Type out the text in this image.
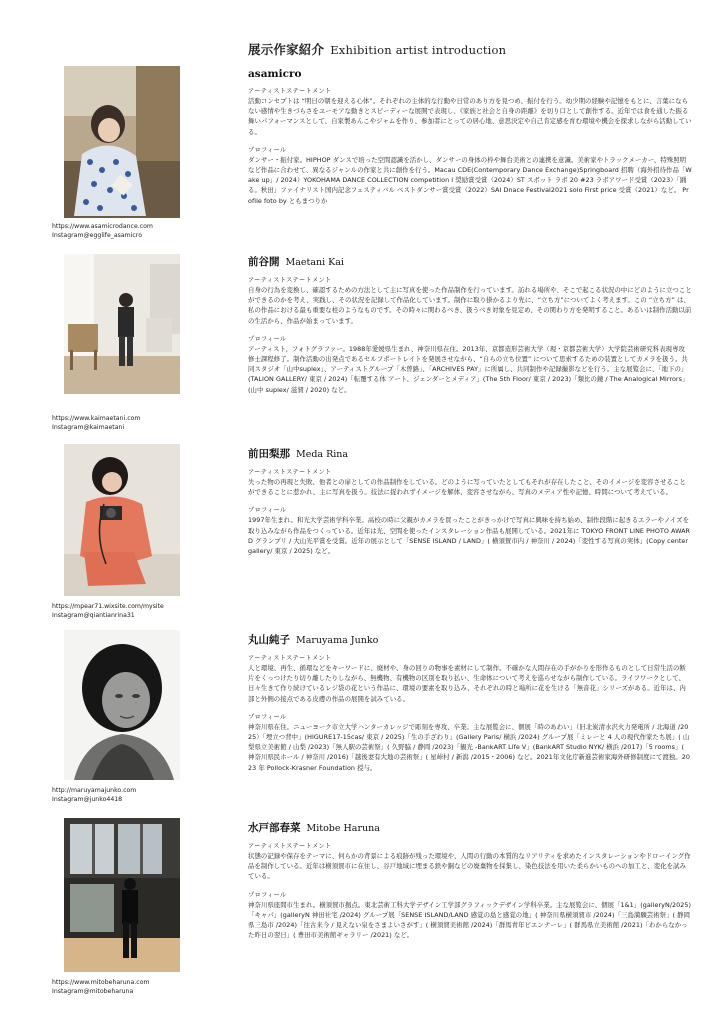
展示作家紹介 Exhibition artist introduction
https://www.asamicrodance.com
Instagram@egglife_asamicro
asamicro
アーティストステートメント
活動コンセプトは “明日の朝を迎える心体”。それぞれの主体的な行動や日常のあり方を見つめ、振付を行う。幼少期の経験や記憶をもとに、言葉にならない感情や生きづらさをユーモアな動きとスピーディーな展開で表現し、《家族と社会と自身の距離》を切り口として創作する。近年では食を通した振る舞いパフォーマンスとして、自家製あんこやジャムを作り、参加者にとっての居心地、意思決定や自己肯定感を育む環境や機会を探求しながら活動している。
プロフィール
ダンサー・振付家。HIPHOP ダンスで培った空間認識を活かし、ダンサーの身体の枠や舞台美術との連携を意識。美術家やトラックメーカー、特殊照明など作品に合わせて、異なるジャンルの作家と共に創作を行う。Macau CDE(Contemporary Dance Exchange)Springboard 招聘（海外招待作品「Wake up」/ 2024）YOKOHAMA DANCE COLLECTION competition Ⅰ 奨励賞受賞（2024）ST スポット ラボ 20 #23 ラボアワード受賞（2023）「踊る。秋田」ファイナリスト国内記念フェスティバル ベストダンサー賞受賞（2022）SAI Dnace Festival2021 solo First price 受賞（2021）など。 Profile foto by ともまつりか
https://www.kaimaetani.com
Instagram@kaimaetani
前谷開 Maetani Kai
アーティストステートメント
自身の行為を変換し、確認するための方法として主に写真を使った作品制作を行っています。訪れる場所や、そこで起こる状況の中にどのように立つことができるのかを考え、実践し、その状況を記録して作品化しています。制作に取り掛かるより先に、“立ち方”についてよく考えます。この “立ち方” は、私の作品における最も重要な柱のようなものです。その時々に関わるべき、扱うべき対象を見定め、その関わり方を発明すること。あるいは制作活動以前の生活から、作品が始まっています。
プロフィール
アーティスト、フォトグラファー。1988年愛媛県生まれ、神奈川県在住。2013年、京都造形芸術大学（現・京都芸術大学）大学院芸術研究科表現専攻 修士課程修了。制作活動の出発点であるセルフポートレイトを発展させながら、“自らの立ち位置” について思索するための装置としてカメラを扱う。共同スタジオ「山中suplex」、アーティストグループ「木曽路」、「ARCHIVES PAY」に所属し、共同制作や記録撮影などを行う。主な展覧会に、「地下の」(TALION GALLERY/ 東京 / 2024)「転覆する体 アート、ジェンダーとメディア」(The 5th Floor/ 東京 / 2023)「類比の鏡 / The Analogical Mirrors」(山中 suplex/ 滋賀 / 2020) など。
https://mpear71.wixsite.com/mysite
Instagram@qiantianrina31
前田梨那 Meda Rina
アーティストステートメント
失った物の再現と失敗、他者との扉としての作品制作をしている。どのように写っていたとしてもそれが存在したこと、そのイメージを変容させることができることに惹かれ、主に写真を扱う。技法に捉われずイメージを解体、変容させながら、写真のメディア性や記憶、時間について考えている。
プロフィール
1997年生まれ。和光大学芸術学科卒業。高校の時に父親がカメラを買ったことがきっかけで写真に興味を持ち始め、制作段階に起きるエラーやノイズを取り込みながら作品をつくっている。近年は光、空間を使ったインスタレーション作品も展開している。2021年に TOKYO FRONT LINE PHOTO AWARD グランプリ / 大山光平賞を受賞。近年の展示として「SENSE ISLAND / LAND」( 横須賀市内 / 神奈川 / 2024)「変性する写真の実体」(Copy center gallery/ 東京 / 2025) など。
http://maruyamajunko.com
Instagram@junko4418
丸山純子 Maruyama Junko
アーティストステートメント
人と環境、再生、循環などをキーワードに、廃材や、身の回りの物事を素材にして制作。不確かな人間存在の手がかりを形作るものとして日常生活の断片をくっつけたり切り離したりしながら、無機物、有機物の区別を取り払い、生命体について考えを巡らせながら制作している。ライフワークとして、日々生きて作り続けているレジ袋の花という作品に、環境の要素を取り込み、それぞれの時と場所に花を生ける「無音花」シリーズがある。近年は、内部と外側の接点である皮膚の作品の展開を試みている。
プロフィール
神奈川県在住。ニューヨーク市立大学ハンターカレッジで彫刻を専攻、卒業。主な展覧会に、個展「時のあわい」（旧北炭清水沢火力発電所 / 北海道 /2025）「埋立つ背中」(HIGURE17-15cas/ 東京 / 2025)「生の手ざわり」(Gallery Paris/ 横浜 /2024) グループ展「ミレーと 4 人の現代作家たち展」( 山梨県立美術館 / 山梨 /2023)「無人駅の芸術祭」( 久野脇 / 静岡 /2023)「観光 -BankART Life V」(BankART Studio NYK/ 横浜 /2017)「5 rooms」( 神奈川県民ホール / 神奈川 /2016)「越後妻有大地の芸術祭」( 星峠村 / 新潟 /2015・2006) など。2021年文化庁新進芸術家海外研修制度にて渡独。2023 年 Pollock-Krasner Foundation 授与。
https://www.mitobeharuna.com
Instagram@mitobeharuna
水戸部春菜 Mitobe Haruna
アーティストステートメント
状態の記録や保存をテーマに、何らかの背景による痕跡が残った環境や、人間の行動の本質的なリアリティを求めたインスタレーションやドローイング作品を制作している。近年は横須賀市に在住し、谷戸地域に埋まる鉄や銅などの廃棄物を採集し、染色技法を用いた柔らかいものへの加工と、変化を試みている。
プロフィール
神奈川県座間市生まれ。横須賀市拠点。東北芸術工科大学デザイン工学部グラフィックデザイン学科卒業。主な展覧会に、個展「1&1」(galleryN/2025)「キャパ」(galleryN 神田社宅 /2024) グループ展「SENSE ISLAND/LAND 感覚の島と感覚の地」( 神奈川県横須賀市 /2024)「三島満願芸術祭」( 静岡県三島市 /2024)「往古来今 / 見えない泉をさまよいさがす」( 横須賀美術館 /2024)「群馬青年ビエンナーレ」( 群馬県立美術館 /2021)「わからなかった昨日の翌日」( 豊田市美術館ギャラリー /2021) など。
